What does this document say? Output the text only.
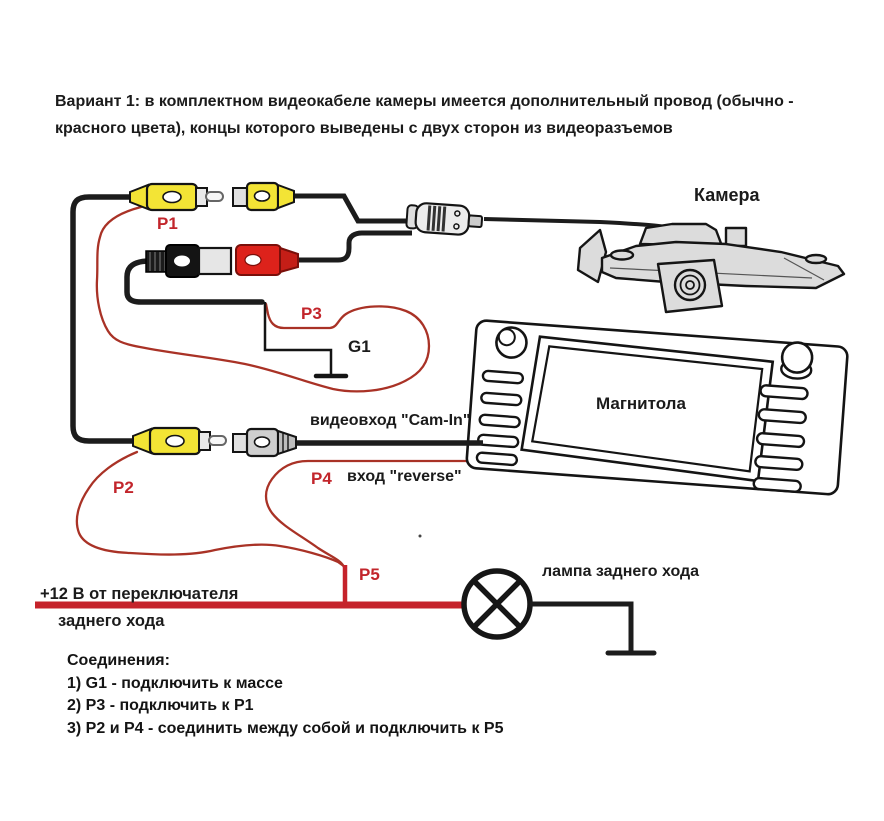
Вариант 1: в комплектном видеокабеле камеры имеется дополнительный провод (обычно - красного цвета), концы которого выведены с двух сторон из видеоразъемов
P1
P3
G1
Камера
Магнитола
видеовход "Cam-In"
P2	P4 вход "reverse"
P5	лампа заднего хода
+12 В от переключателя
заднего хода
Соединения:
1) G1 - подключить к массе
2) P3 - подключить к P1
3) P2 и P4 - соединить между собой и подключить к P5
